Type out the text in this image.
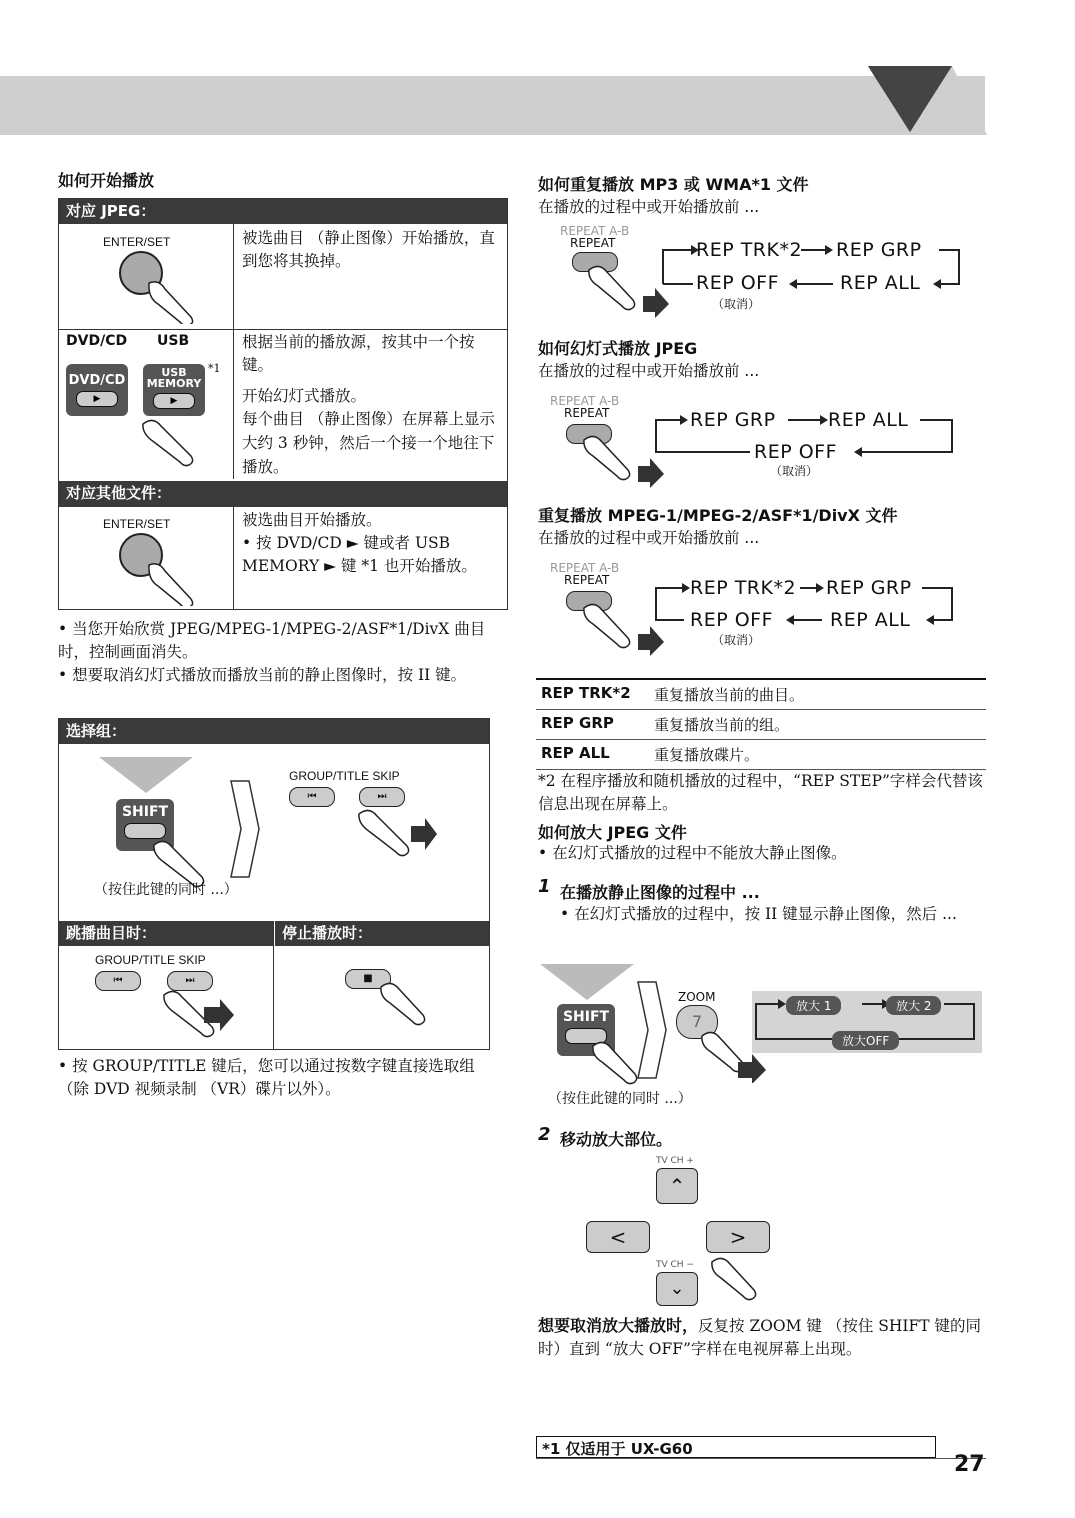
如何开始播放
对应 JPEG：
ENTER/SET	被选曲目 （静止图像）开始播放，直到您将其换掉。
DVD/CD USB
DVD/CD
▶
USB
MEMORY
▶
*1
根据当前的播放源，按其中一个按键。
开始幻灯式播放。
每个曲目 （静止图像）在屏幕上显示大约 3 秒钟，然后一个接一个地往下播放。
对应其他文件：
ENTER/SET	被选曲目开始播放。
• 按 DVD/CD ► 键或者 USB MEMORY ► 键 *1 也开始播放。
• 当您开始欣赏 JPEG/MPEG-1/MPEG-2/ASF*1/DivX 曲目时，控制画面消失。
• 想要取消幻灯式播放而播放当前的静止图像时，按 II 键。
选择组：
SHIFT
GROUP/TITLE SKIP
⏮	⏭
（按住此键的同时 ...）
跳播曲目时：	停止播放时：
GROUP/TITLE SKIP
⏮	⏭	■
• 按 GROUP/TITLE 键后，您可以通过按数字键直接选取组 （除 DVD 视频录制 （VR）碟片以外）。
如何重复播放 MP3 或 WMA*1 文件
在播放的过程中或开始播放前 ...
REPEAT A-B
REPEAT	REP TRK*2 REP GRP
REP OFF	REP ALL
（取消）
如何幻灯式播放 JPEG
在播放的过程中或开始播放前 ...
REPEAT A-B
REPEAT	REP GRP	REP ALL
REP OFF
（取消）
重复播放 MPEG-1/MPEG-2/ASF*1/DivX 文件
在播放的过程中或开始播放前 ...
REPEAT A-B
REPEAT	REP TRK*2 REP GRP
REP OFF	REP ALL
（取消）
REP TRK*2 重复播放当前的曲目。
REP GRP	重复播放当前的组。
REP ALL	重复播放碟片。
*2 在程序播放和随机播放的过程中，“REP STEP”字样会代替该信息出现在屏幕上。
如何放大 JPEG 文件
• 在幻灯式播放的过程中不能放大静止图像。
1 在播放静止图像的过程中 ...
• 在幻灯式播放的过程中，按 II 键显示静止图像，然后 ...
SHIFT
ZOOM
7
放大 1	放大 2
放大OFF
（按住此键的同时 ...）
2 移动放大部位。
TV CH +
⌃
<	>
TV CH −
⌄
想要取消放大播放时，反复按 ZOOM 键 （按住 SHIFT 键的同时）直到 “放大 OFF”字样在电视屏幕上出现。
*1 仅适用于 UX-G60
27
